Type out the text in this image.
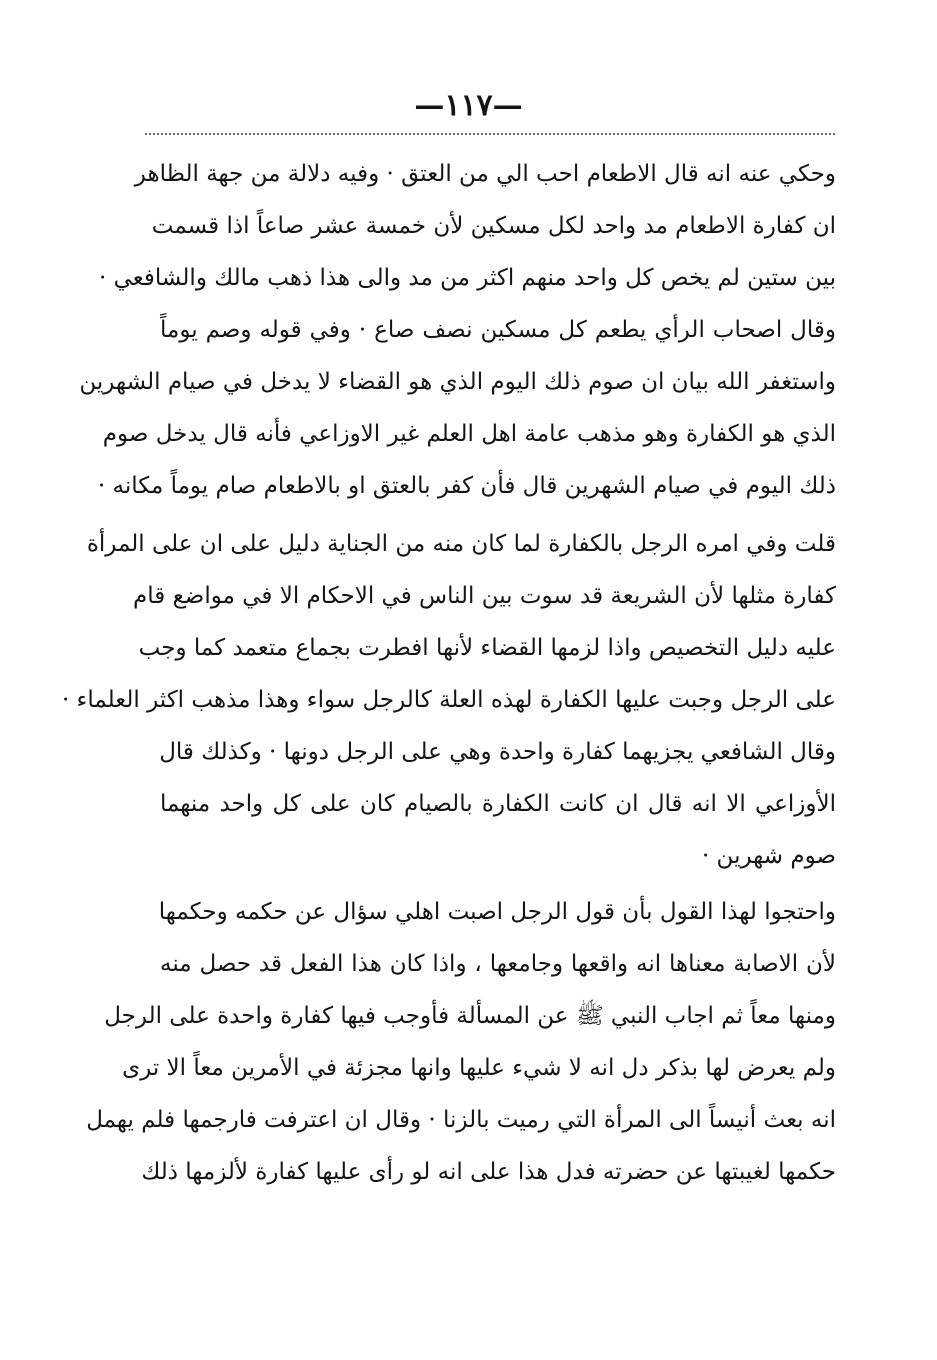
—١١٧—
وحكي عنه انه قال الاطعام احب الي من العتق · وفيه دلالة من جهة الظاهر
ان كفارة الاطعام مد واحد لكل مسكين لأن خمسة عشر صاعاً اذا قسمت
بين ستين لم يخص كل واحد منهم اكثر من مد والى هذا ذهب مالك والشافعي ·
وقال اصحاب الرأي يطعم كل مسكين نصف صاع · وفي قوله وصم يوماً
واستغفر الله بيان ان صوم ذلك اليوم الذي هو القضاء لا يدخل في صيام الشهرين
الذي هو الكفارة وهو مذهب عامة اهل العلم غير الاوزاعي فأنه قال يدخل صوم
ذلك اليوم في صيام الشهرين قال فأن كفر بالعتق او بالاطعام صام يوماً مكانه ·
قلت وفي امره الرجل بالكفارة لما كان منه من الجناية دليل على ان على المرأة
كفارة مثلها لأن الشريعة قد سوت بين الناس في الاحكام الا في مواضع قام
عليه دليل التخصيص واذا لزمها القضاء لأنها افطرت بجماع متعمد كما وجب
على الرجل وجبت عليها الكفارة لهذه العلة كالرجل سواء وهذا مذهب اكثر العلماء ·
وقال الشافعي يجزيهما كفارة واحدة وهي على الرجل دونها · وكذلك قال
الأوزاعي الا انه قال ان كانت الكفارة بالصيام كان على كل واحد منهما
صوم شهرين ·
واحتجوا لهذا القول بأن قول الرجل اصبت اهلي سؤال عن حكمه وحكمها
لأن الاصابة معناها انه واقعها وجامعها ، واذا كان هذا الفعل قد حصل منه
ومنها معاً ثم اجاب النبي ﷺ عن المسألة فأوجب فيها كفارة واحدة على الرجل
ولم يعرض لها بذكر دل انه لا شيء عليها وانها مجزئة في الأمرين معاً الا ترى
انه بعث أنيساً الى المرأة التي رميت بالزنا · وقال ان اعترفت فارجمها فلم يهمل
حكمها لغيبتها عن حضرته فدل هذا على انه لو رأى عليها كفارة لألزمها ذلك
